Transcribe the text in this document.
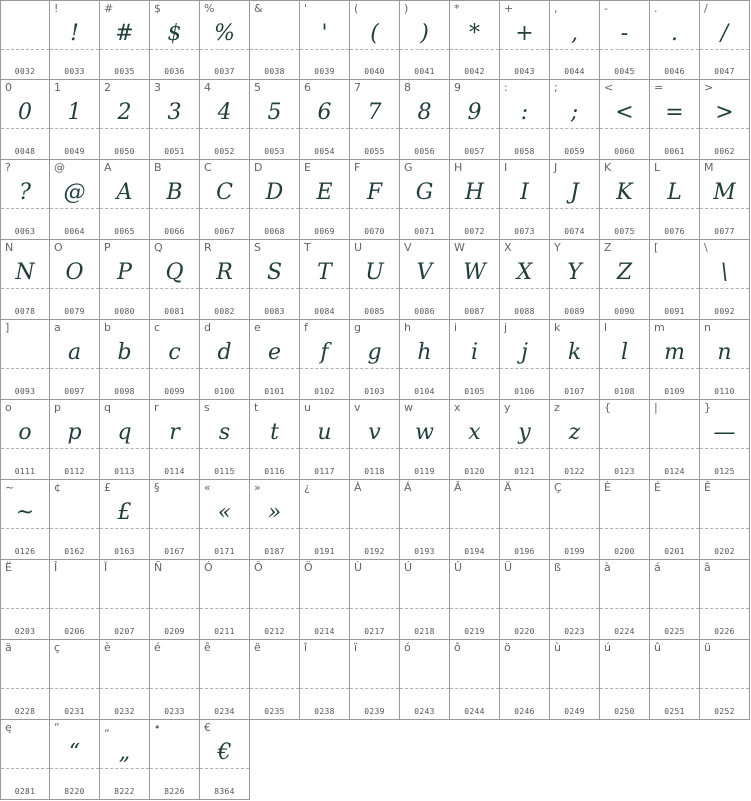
0032
!
!
0033
#
#
0035
$
$
0036
%
%
0037
&
0038
'
'
0039
(
(
0040
)
)
0041
*
*
0042
+
+
0043
,
,
0044
-
-
0045
.
.
0046
/
/
0047
0
0
0048
1
1
0049
2
2
0050
3
3
0051
4
4
0052
5
5
0053
6
6
0054
7
7
0055
8
8
0056
9
9
0057
:
:
0058
;
;
0059
<
<
0060
=
=
0061
>
>
0062
?
?
0063
@
@
0064
A
A
0065
B
B
0066
C
C
0067
D
D
0068
E
E
0069
F
F
0070
G
G
0071
H
H
0072
I
I
0073
J
J
0074
K
K
0075
L
L
0076
M
M
0077
N
N
0078
O
O
0079
P
P
0080
Q
Q
0081
R
R
0082
S
S
0083
T
T
0084
U
U
0085
V
V
0086
W
W
0087
X
X
0088
Y
Y
0089
Z
Z
0090
[
0091
\
\
0092
]
0093
a
a
0097
b
b
0098
c
c
0099
d
d
0100
e
e
0101
f
f
0102
g
g
0103
h
h
0104
i
i
0105
j
j
0106
k
k
0107
l
l
0108
m
m
0109
n
n
0110
o
o
0111
p
p
0112
q
q
0113
r
r
0114
s
s
0115
t
t
0116
u
u
0117
v
v
0118
w
w
0119
x
x
0120
y
y
0121
z
z
0122
{
0123
|
0124
}
—
0125
~
~
0126
¢
0162
£
£
0163
§
0167
«
«
0171
»
»
0187
¿
0191
À
0192
Á
0193
Â
0194
Ä
0196
Ç
0199
È
0200
É
0201
Ê
0202
Ë
0203
Î
0206
Ï
0207
Ñ
0209
Ó
0211
Ô
0212
Ö
0214
Ù
0217
Ú
0218
Û
0219
Ü
0220
ß
0223
à
0224
á
0225
â
0226
ä
0228
ç
0231
è
0232
é
0233
ê
0234
ë
0235
î
0238
ï
0239
ó
0243
ô
0244
ö
0246
ù
0249
ú
0250
û
0251
ü
0252
ę
0281
“
“
8220
„
„
8222
•
8226
€
€
8364
